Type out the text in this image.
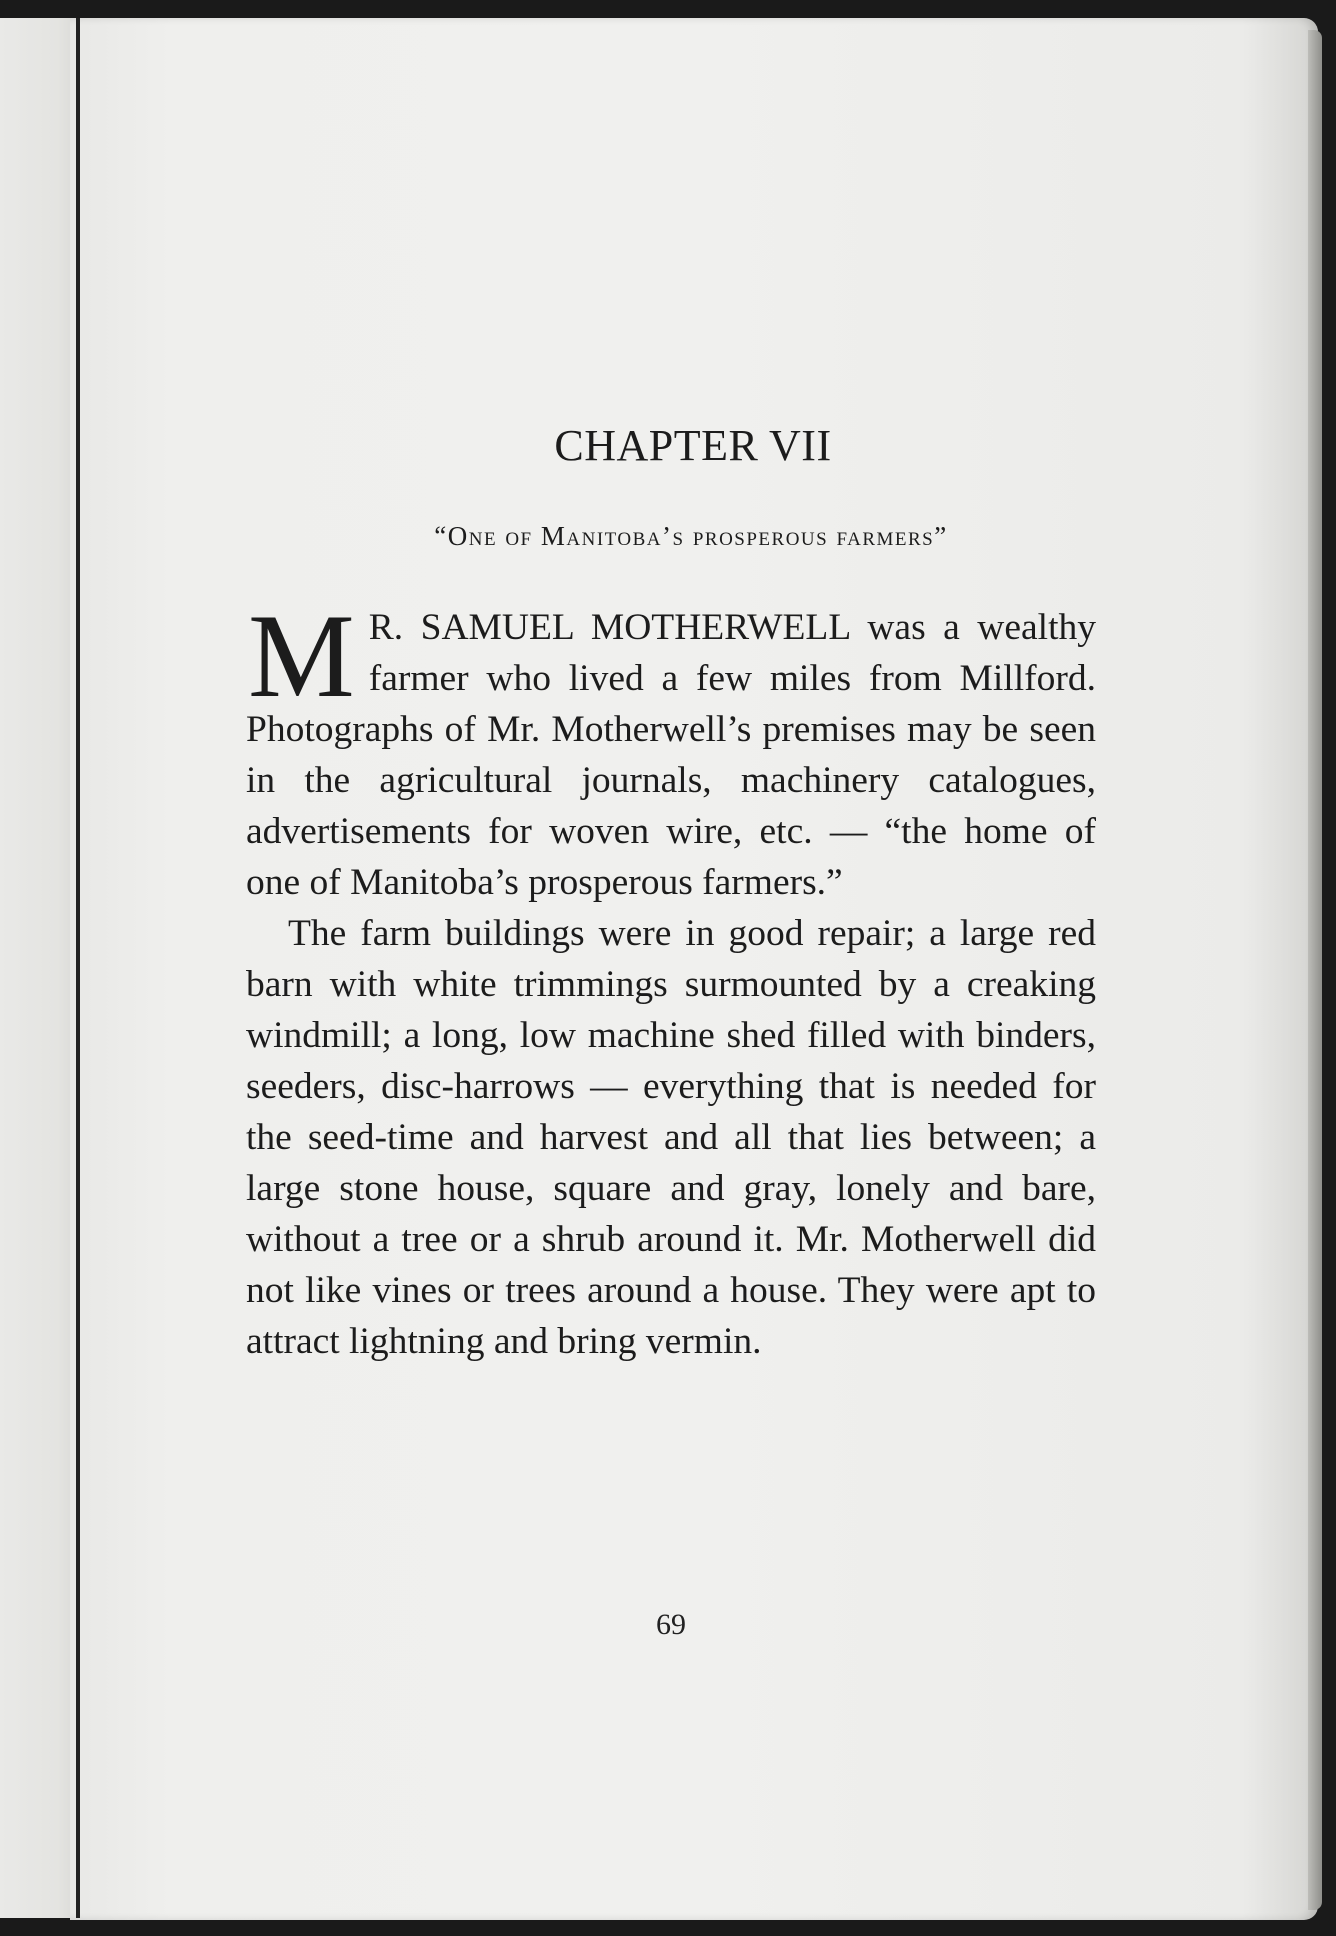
CHAPTER VII
“One of Manitoba’s prosperous farmers”

M R. SAMUEL MOTHERWELL was a wealthy farmer who lived a few miles from Millford. Photographs of Mr. Motherwell’s premises may be seen in the agricultural journals, machinery catalogues, advertisements for woven wire, etc. — “the home of one of Manitoba’s prosperous farmers.”

The farm buildings were in good repair; a large red barn with white trimmings surmounted by a creaking windmill; a long, low machine shed filled with binders, seeders, disc-harrows — everything that is needed for the seed-time and harvest and all that lies between; a large stone house, square and gray, lonely and bare, without a tree or a shrub around it. Mr. Motherwell did not like vines or trees around a house. They were apt to attract lightning and bring vermin.

69
